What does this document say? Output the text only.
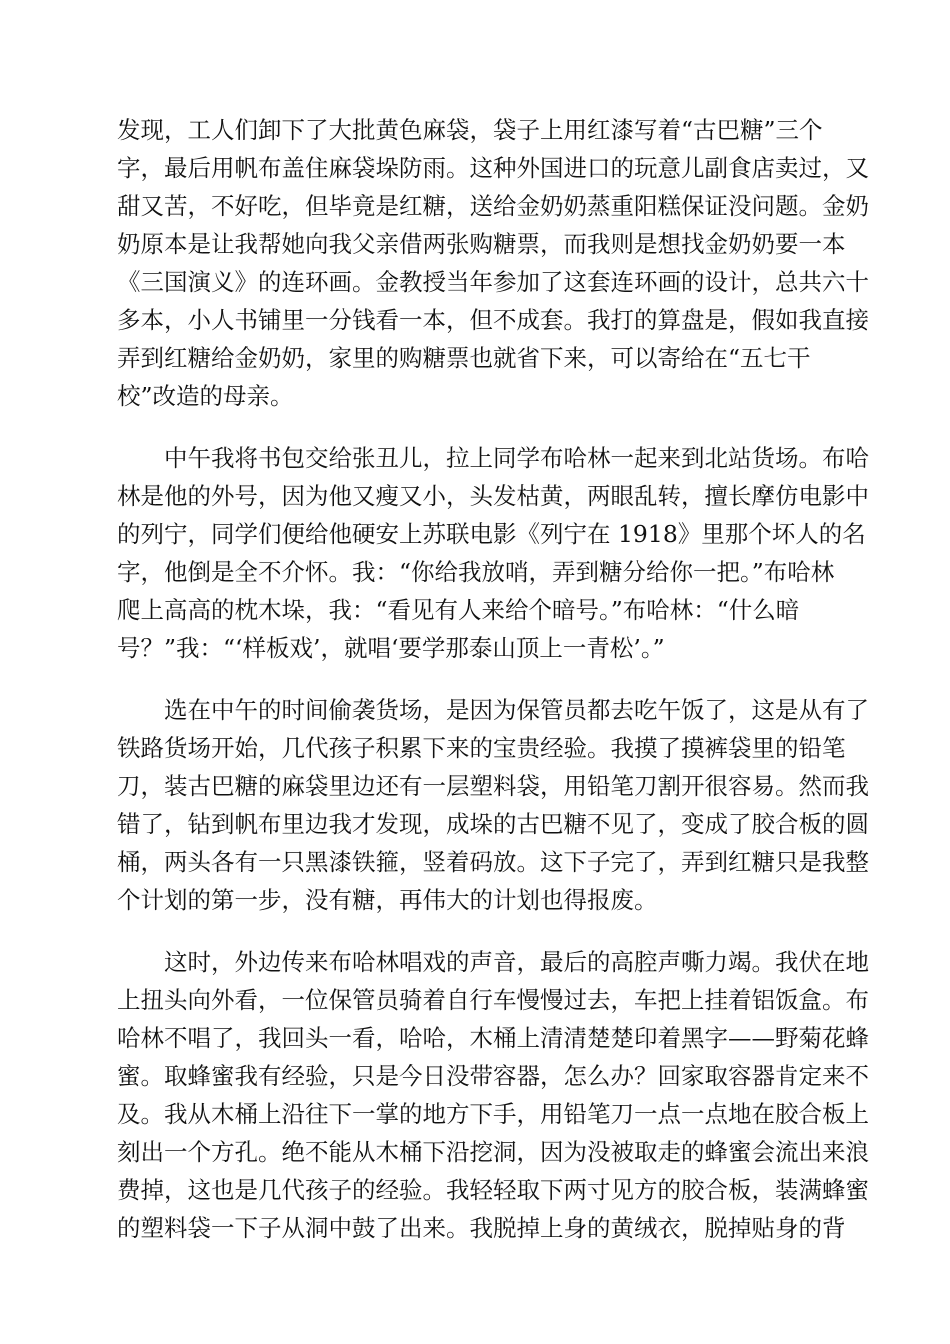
发现，工人们卸下了大批黄色麻袋，袋子上用红漆写着“古巴糖”三个
字，最后用帆布盖住麻袋垛防雨。这种外国进口的玩意儿副食店卖过，又
甜又苦，不好吃，但毕竟是红糖，送给金奶奶蒸重阳糕保证没问题。金奶
奶原本是让我帮她向我父亲借两张购糖票，而我则是想找金奶奶要一本
《三国演义》的连环画。金教授当年参加了这套连环画的设计，总共六十
多本，小人书铺里一分钱看一本，但不成套。我打的算盘是，假如我直接
弄到红糖给金奶奶，家里的购糖票也就省下来，可以寄给在“五七干
校”改造的母亲。
中午我将书包交给张丑儿，拉上同学布哈林一起来到北站货场。布哈
林是他的外号，因为他又瘦又小，头发枯黄，两眼乱转，擅长摩仿电影中
的列宁，同学们便给他硬安上苏联电影《列宁在 1918》里那个坏人的名
字，他倒是全不介怀。我：“你给我放哨，弄到糖分给你一把。”布哈林
爬上高高的枕木垛，我：“看见有人来给个暗号。”布哈林：“什么暗
号？”我：“‘样板戏’，就唱‘要学那泰山顶上一青松’。”
选在中午的时间偷袭货场，是因为保管员都去吃午饭了，这是从有了
铁路货场开始，几代孩子积累下来的宝贵经验。我摸了摸裤袋里的铅笔
刀，装古巴糖的麻袋里边还有一层塑料袋，用铅笔刀割开很容易。然而我
错了，钻到帆布里边我才发现，成垛的古巴糖不见了，变成了胶合板的圆
桶，两头各有一只黑漆铁箍，竖着码放。这下子完了，弄到红糖只是我整
个计划的第一步，没有糖，再伟大的计划也得报废。
这时，外边传来布哈林唱戏的声音，最后的高腔声嘶力竭。我伏在地
上扭头向外看，一位保管员骑着自行车慢慢过去，车把上挂着铝饭盒。布
哈林不唱了，我回头一看，哈哈，木桶上清清楚楚印着黑字——野菊花蜂
蜜。取蜂蜜我有经验，只是今日没带容器，怎么办？回家取容器肯定来不
及。我从木桶上沿往下一掌的地方下手，用铅笔刀一点一点地在胶合板上
刻出一个方孔。绝不能从木桶下沿挖洞，因为没被取走的蜂蜜会流出来浪
费掉，这也是几代孩子的经验。我轻轻取下两寸见方的胶合板，装满蜂蜜
的塑料袋一下子从洞中鼓了出来。我脱掉上身的黄绒衣，脱掉贴身的背
